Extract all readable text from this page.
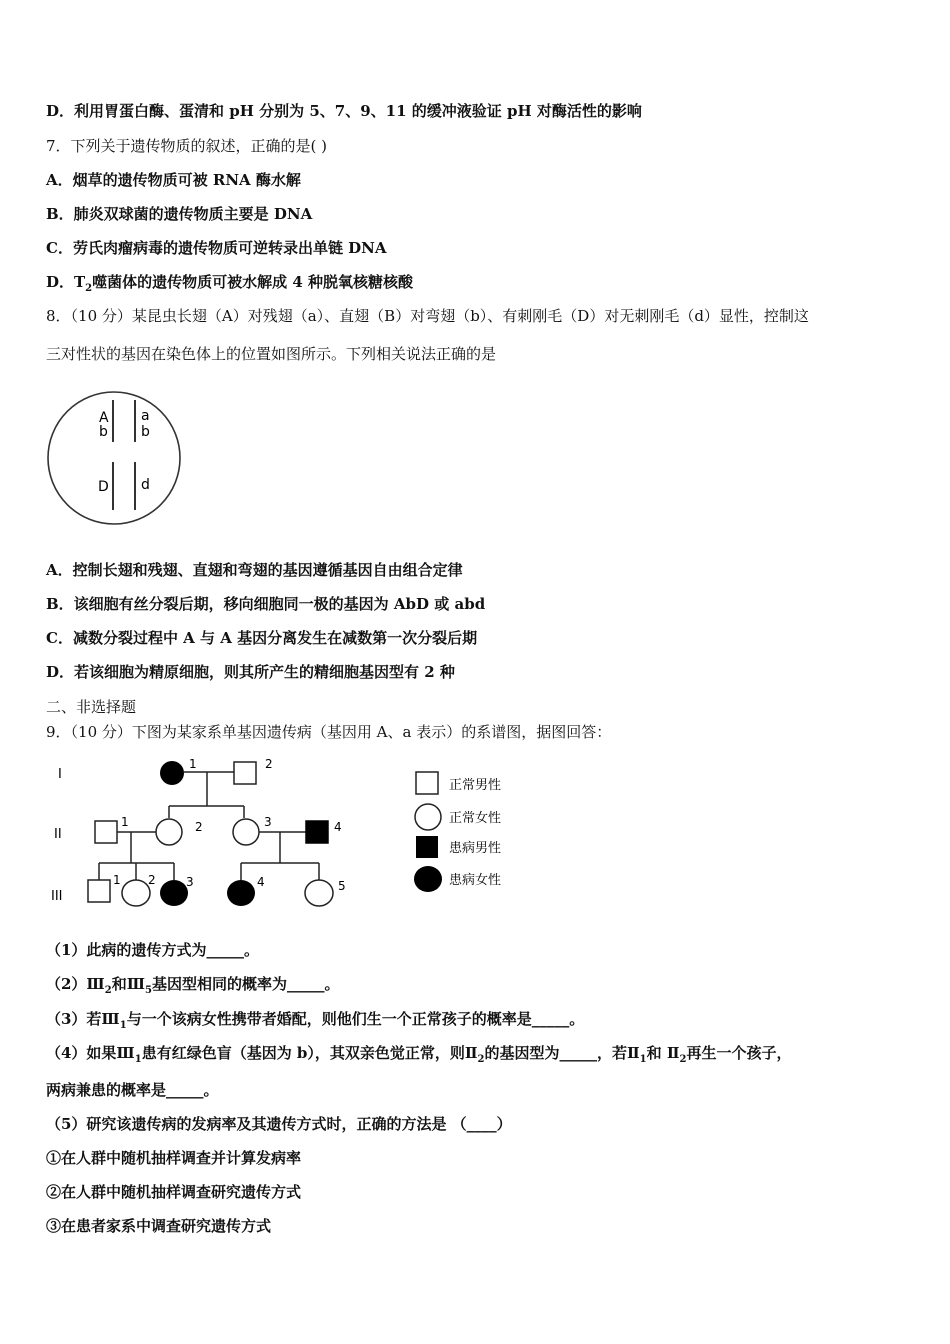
D．利用胃蛋白酶、蛋清和 pH 分别为 5、7、9、11 的缓冲液验证 pH 对酶活性的影响
7．下列关于遗传物质的叙述，正确的是( )
A．烟草的遗传物质可被 RNA 酶水解
B．肺炎双球菌的遗传物质主要是 DNA
C．劳氏肉瘤病毒的遗传物质可逆转录出单链 DNA
D．$T_2$噬菌体的遗传物质可被水解成 4 种脱氧核糖核酸
8．（10 分）某昆虫长翅（A）对残翅（a）、直翅（B）对弯翅（b）、有刺刚毛（D）对无刺刚毛（d）显性，控制这
三对性状的基因在染色体上的位置如图所示。下列相关说法正确的是
A a
b b
D d
A．控制长翅和残翅、直翅和弯翅的基因遵循基因自由组合定律
B．该细胞有丝分裂后期，移向细胞同一极的基因为 AbD 或 abd
C．减数分裂过程中 A 与 A 基因分离发生在减数第一次分裂后期
D．若该细胞为精原细胞，则其所产生的精细胞基因型有 2 种
二、非选择题
9．（10 分）下图为某家系单基因遗传病（基因用 A、a 表示）的系谱图，据图回答：
I
II
III
1	2
1	2	3	4
1 2	3	4	5
正常男性
正常女性
患病男性
患病女性
（1）此病的遗传方式为_____。
$(2)Ⅲ_2$和$Ⅲ_5$基因型相同的概率为_____。
（3）若$Ⅲ_1$与一个该病女性携带者婚配，则他们生一个正常孩子的概率是_____。
（4）如果$Ⅲ_1$患有红绿色盲（基因为 b），其双亲色觉正常，则$Ⅱ_2$的基因型为_____，若$Ⅱ_1$和 $Ⅱ_2$再生一个孩子，
两病兼患的概率是_____。
（5）研究该遗传病的发病率及其遗传方式时，正确的方法是 （____）
①在人群中随机抽样调查并计算发病率
②在人群中随机抽样调查研究遗传方式
③在患者家系中调查研究遗传方式
